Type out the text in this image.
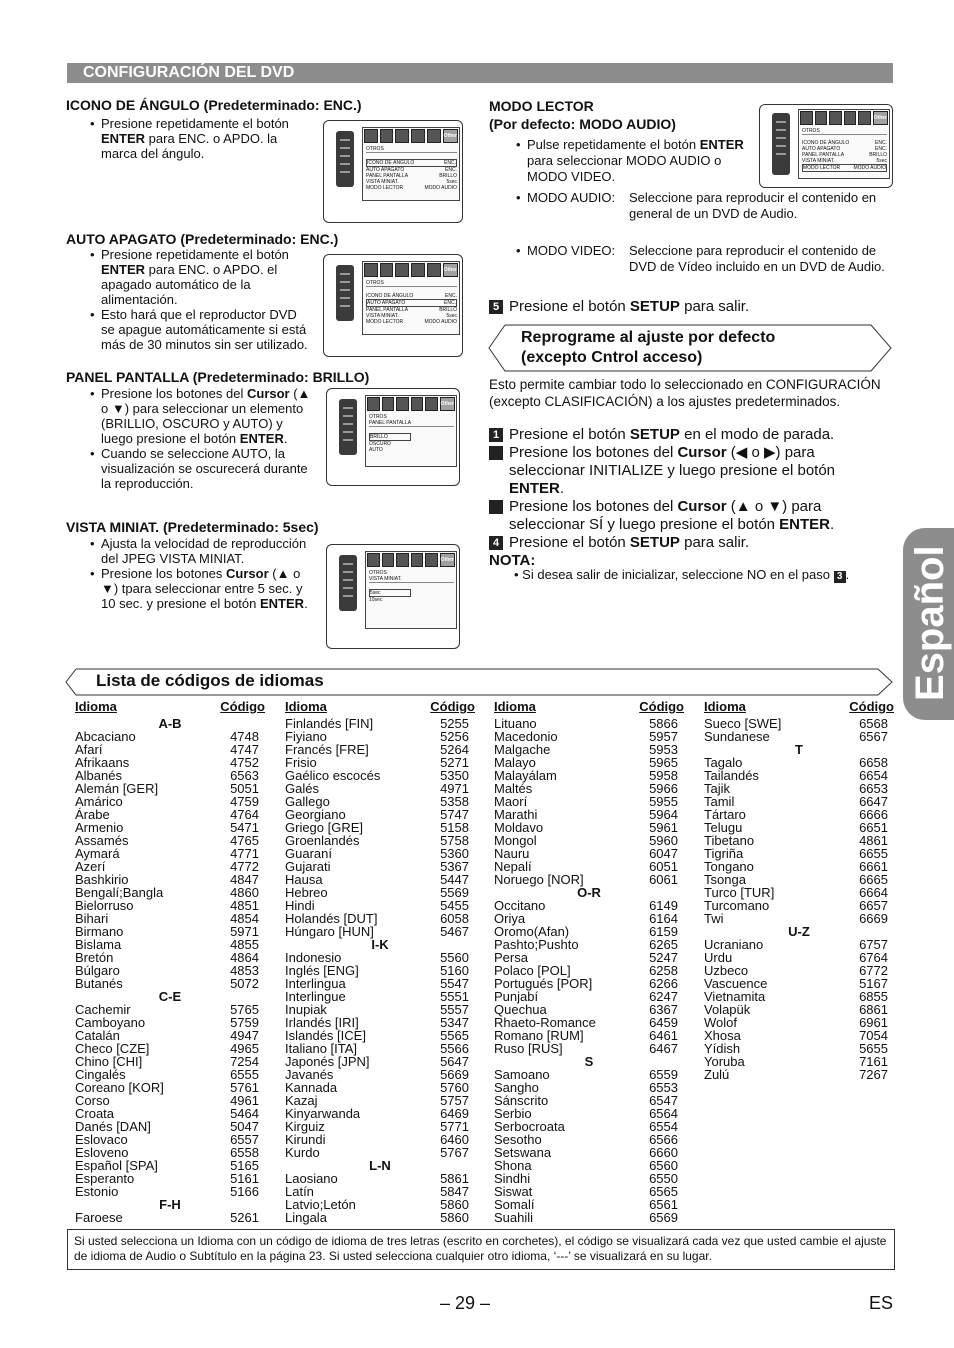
CONFIGURACIÓN DEL DVD
ICONO DE ÁNGULO (Predeterminado: ENC.)
• Presione repetidamente el botón ENTER para ENC. o APDO. la marca del ángulo.
AUTO APAGATO (Predeterminado: ENC.)
• Presione repetidamente el botón ENTER para ENC. o APDO. el apagado automático de la alimentación.
• Esto hará que el reproductor DVD se apague automáticamente si está más de 30 minutos sin ser utilizado.
PANEL PANTALLA (Predeterminado: BRILLO)
• Presione los botones del Cursor (▲ o ▼) para seleccionar un elemento (BRILLIO, OSCURO y AUTO) y luego presione el botón ENTER.
• Cuando se seleccione AUTO, la visualización se oscurecerá durante la reproducción.
VISTA MINIAT. (Predeterminado: 5sec)
• Ajusta la velocidad de reproducción del JPEG VISTA MINIAT.
• Presione los botones Cursor (▲ o ▼) tpara seleccionar entre 5 sec. y 10 sec. y presione el botón ENTER.
Other
OTROS
ICONO DE ÁNGULO	ENC.
AUTO APAGATO	ENC.
PANEL PANTALLA	BRILLO
VISTA MINIAT.	5sec
MODO LECTOR	MODO AUDIO
Other
OTROS
ICONO DE ÁNGULO	ENC.
AUTO APAGATO	ENC.
PANEL PANTALLA	BRILLO
VISTA MINIAT.	5sec
MODO LECTOR	MODO AUDIO
Other
OTROS
PANEL PANTALLA
BRILLO
OSCURO
AUTO
Other
OTROS
VISTA MINIAT.
5sec
10sec
Other
OTROS
ICONO DE ÁNGULO	ENC.
AUTO APAGATO	ENC.
PANEL PANTALLA	BRILLO
VISTA MINIAT.	5sec
MODO LECTOR	MODO AUDIO
MODO LECTOR
(Por defecto: MODO AUDIO)
• Pulse repetidamente el botón ENTER para seleccionar MODO AUDIO o MODO VIDEO.
• MODO AUDIO: Seleccione para reproducir el contenido en general de un DVD de Audio.
• MODO VIDEO: Seleccione para reproducir el contenido de DVD de Vídeo incluido en un DVD de Audio.
5 Presione el botón SETUP para salir.
Reprograme al ajuste por defecto
(excepto Cntrol acceso)
Esto permite cambiar todo lo seleccionado en CONFIGURACIÓN (excepto CLASIFICACIÓN) a los ajustes predeterminados.
1 Presione el botón SETUP en el modo de parada.
2 Presione los botones del Cursor (◀ o ▶) para seleccionar INITIALIZE y luego presione el botón ENTER.
3 Presione los botones del Cursor (▲ o ▼) para seleccionar SÍ y luego presione el botón ENTER.
4 Presione el botón SETUP para salir.
NOTA:
• Si desea salir de inicializar, seleccione NO en el paso 3 .
Lista de códigos de idiomas
Idioma	Código
A-B
Abcaciano	4748
Afarí	4747
Afrikaans	4752
Albanés	6563
Alemán [GER]	5051
Amárico	4759
Árabe	4764
Armenio	5471
Assamés	4765
Aymará	4771
Azerí	4772
Bashkirio	4847
Bengalí;Bangla	4860
Bielorruso	4851
Bihari	4854
Birmano	5971
Bislama	4855
Bretón	4864
Búlgaro	4853
Butanés	5072
C-E
Cachemir	5765
Camboyano	5759
Catalán	4947
Checo [CZE]	4965
Chino [CHI]	7254
Cingalés	6555
Coreano [KOR]	5761
Corso	4961
Croata	5464
Danés [DAN]	5047
Eslovaco	6557
Esloveno	6558
Español [SPA]	5165
Esperanto	5161
Estonio	5166
F-H
Faroese	5261
Idioma	Código
Finlandés [FIN]	5255
Fiyiano	5256
Francés [FRE]	5264
Frisio	5271
Gaélico escocés	5350
Galés	4971
Gallego	5358
Georgiano	5747
Griego [GRE]	5158
Groenlandés	5758
Guaraní	5360
Gujarati	5367
Hausa	5447
Hebreo	5569
Hindi	5455
Holandés [DUT]	6058
Húngaro [HUN]	5467
I-K
Indonesio	5560
Inglés [ENG]	5160
Interlingua	5547
Interlingue	5551
Inupiak	5557
Irlandés [IRI]	5347
Islandés [ICE]	5565
Italiano [ITA]	5566
Japonés [JPN]	5647
Javanés	5669
Kannada	5760
Kazaj	5757
Kinyarwanda	6469
Kirguiz	5771
Kirundi	6460
Kurdo	5767
L-N
Laosiano	5861
Latín	5847
Latvio;Letón	5860
Lingala	5860
Idioma	Código
Lituano	5866
Macedonio	5957
Malgache	5953
Malayo	5965
Malayálam	5958
Maltés	5966
Maorí	5955
Marathi	5964
Moldavo	5961
Mongol	5960
Nauru	6047
Nepalí	6051
Noruego [NOR]	6061
O-R
Occitano	6149
Oriya	6164
Oromo(Afan)	6159
Pashto;Pushto	6265
Persa	5247
Polaco [POL]	6258
Portugués [POR]	6266
Punjabí	6247
Quechua	6367
Rhaeto-Romance	6459
Romano [RUM]	6461
Ruso [RUS]	6467
S
Samoano	6559
Sangho	6553
Sánscrito	6547
Serbio	6564
Serbocroata	6554
Sesotho	6566
Setswana	6660
Shona	6560
Sindhi	6550
Siswat	6565
Somalí	6561
Suahili	6569
Idioma	Código
Sueco [SWE]	6568
Sundanese	6567
T
Tagalo	6658
Tailandés	6654
Tajik	6653
Tamil	6647
Tártaro	6666
Telugu	6651
Tibetano	4861
Tigriña	6655
Tongano	6661
Tsonga	6665
Turco [TUR]	6664
Turcomano	6657
Twi	6669
U-Z
Ucraniano	6757
Urdu	6764
Uzbeco	6772
Vascuence	5167
Vietnamita	6855
Volapük	6861
Wolof	6961
Xhosa	7054
Yídish	5655
Yoruba	7161
Zulú	7267
Si usted selecciona un Idioma con un código de idioma de tres letras (escrito en corchetes), el código se visualizará cada vez que usted cambie el ajuste de idioma de Audio o Subtítulo en la página 23. Si usted selecciona cualquier otro idioma, ‘---’ se visualizará en su lugar.
– 29 –	ES
Español
